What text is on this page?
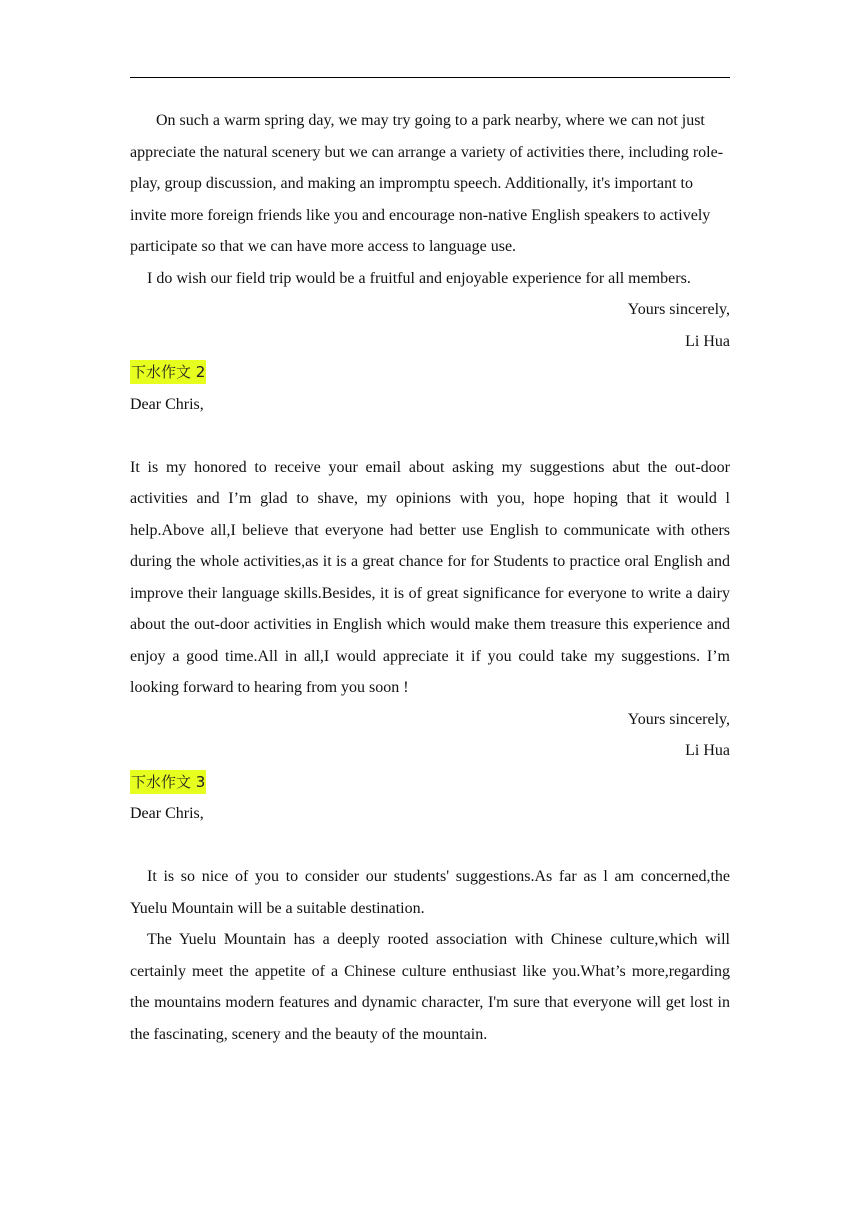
On such a warm spring day, we may try going to a park nearby, where we can not just appreciate the natural scenery but we can arrange a variety of activities there, including role-play, group discussion, and making an impromptu speech. Additionally, it's important to invite more foreign friends like you and encourage non-native English speakers to actively participate so that we can have more access to language use.

I do wish our field trip would be a fruitful and enjoyable experience for all members.

Yours sincerely,

Li Hua

下水作文 2

Dear Chris,

It is my honored to receive your email about asking my suggestions abut the out-door activities and I’m glad to shave, my opinions with you, hope hoping that it would l help.Above all,I believe that everyone had better use English to communicate with others during the whole activities,as it is a great chance for for Students to practice oral English and improve their language skills.Besides, it is of great significance for everyone to write a dairy about the out-door activities in English which would make them treasure this experience and enjoy a good time.All in all,I would appreciate it if you could take my suggestions. I’m looking forward to hearing from you soon !

Yours sincerely,

Li Hua

下水作文 3

Dear Chris,

It is so nice of you to consider our students' suggestions.As far as l am concerned,the Yuelu Mountain will be a suitable destination.

The Yuelu Mountain has a deeply rooted association with Chinese culture,which will certainly meet the appetite of a Chinese culture enthusiast like you.What’s more,regarding the mountains modern features and dynamic character, I'm sure that everyone will get lost in the fascinating, scenery and the beauty of the mountain.
